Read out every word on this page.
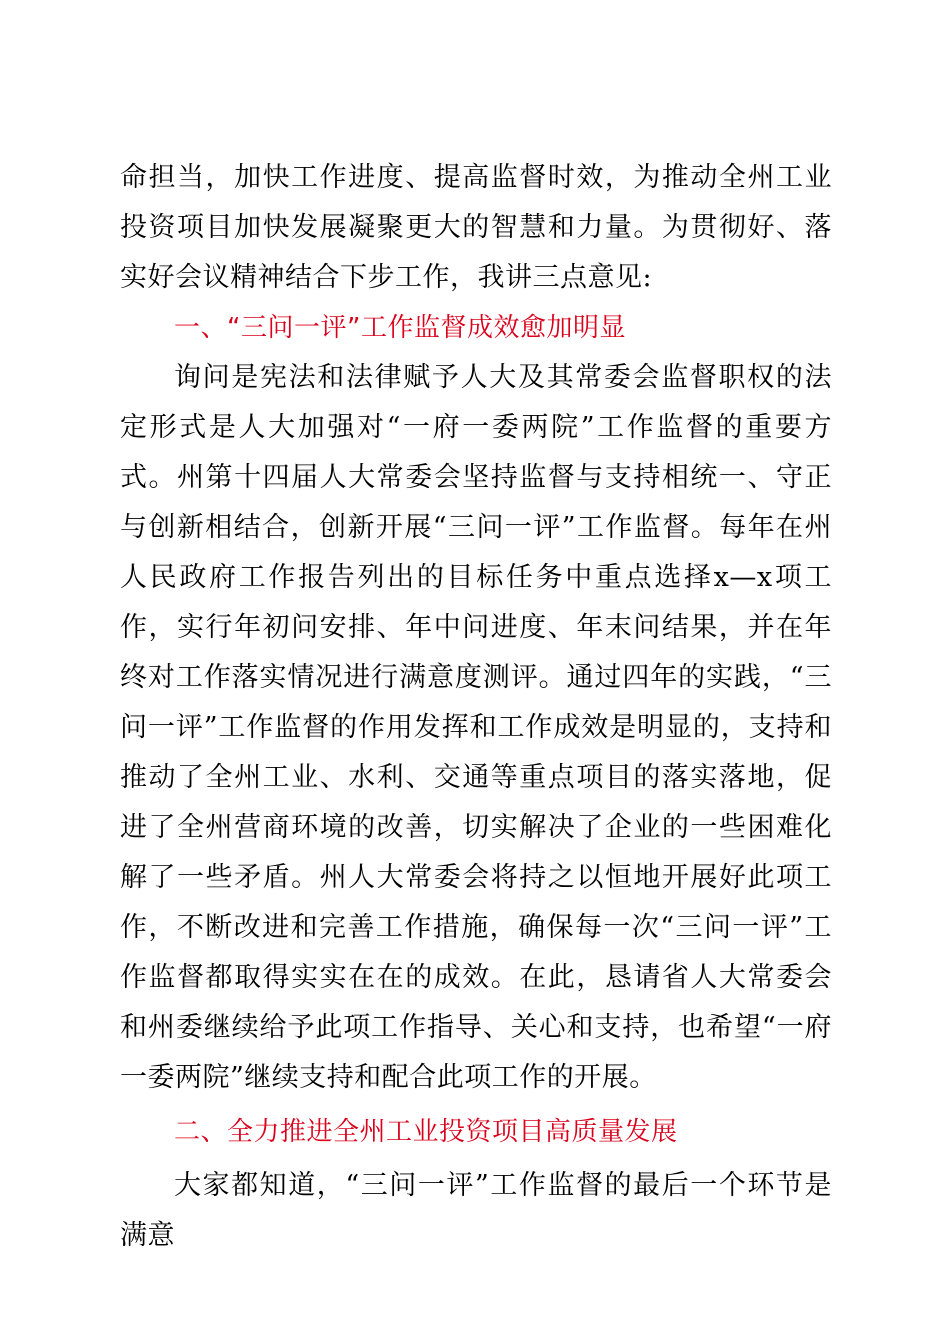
命担当，加快工作进度、提高监督时效，为推动全州工业投资项目加快发展凝聚更大的智慧和力量。为贯彻好、落实好会议精神结合下步工作，我讲三点意见:

一、“三问一评”工作监督成效愈加明显

询问是宪法和法律赋予人大及其常委会监督职权的法定形式是人大加强对“一府一委两院”工作监督的重要方式。州第十四届人大常委会坚持监督与支持相统一、守正与创新相结合，创新开展“三问一评”工作监督。每年在州人民政府工作报告列出的目标任务中重点选择x—x项工作，实行年初问安排、年中问进度、年末问结果，并在年终对工作落实情况进行满意度测评。通过四年的实践，“三问一评”工作监督的作用发挥和工作成效是明显的，支持和推动了全州工业、水利、交通等重点项目的落实落地，促进了全州营商环境的改善，切实解决了企业的一些困难化解了一些矛盾。州人大常委会将持之以恒地开展好此项工作，不断改进和完善工作措施，确保每一次“三问一评”工作监督都取得实实在在的成效。在此，恳请省人大常委会和州委继续给予此项工作指导、关心和支持，也希望“一府一委两院”继续支持和配合此项工作的开展。

二、全力推进全州工业投资项目高质量发展

大家都知道，“三问一评”工作监督的最后一个环节是满意
